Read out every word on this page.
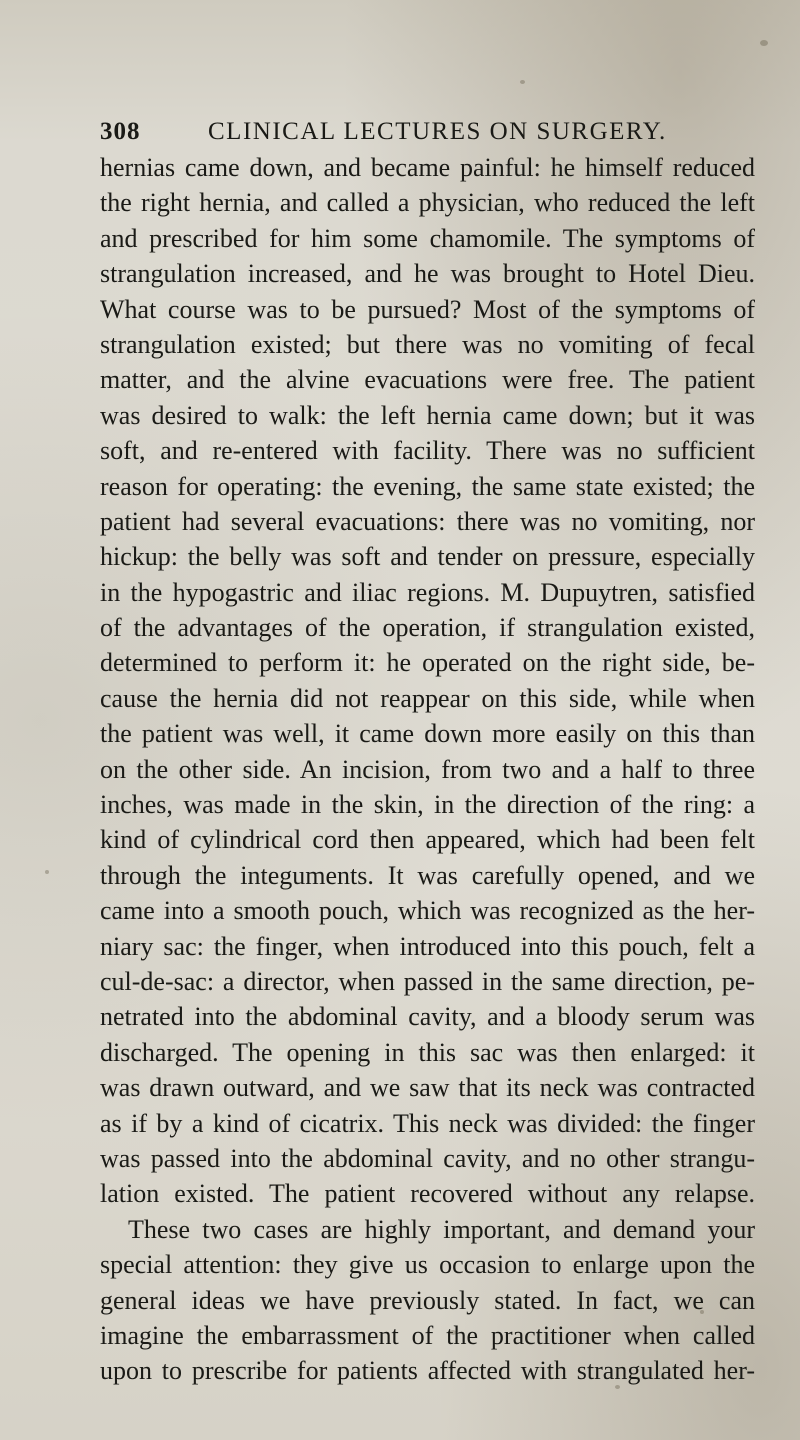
308	CLINICAL LECTURES ON SURGERY.
hernias came down, and became painful: he himself reduced
the right hernia, and called a physician, who reduced the left
and prescribed for him some chamomile. The symptoms of
strangulation increased, and he was brought to Hotel Dieu.
What course was to be pursued? Most of the symptoms of
strangulation existed; but there was no vomiting of fecal
matter, and the alvine evacuations were free. The patient
was desired to walk: the left hernia came down; but it was
soft, and re-entered with facility. There was no sufficient
reason for operating: the evening, the same state existed; the
patient had several evacuations: there was no vomiting, nor
hickup: the belly was soft and tender on pressure, especially
in the hypogastric and iliac regions. M. Dupuytren, satisfied
of the advantages of the operation, if strangulation existed,
determined to perform it: he operated on the right side, be-
cause the hernia did not reappear on this side, while when
the patient was well, it came down more easily on this than
on the other side. An incision, from two and a half to three
inches, was made in the skin, in the direction of the ring: a
kind of cylindrical cord then appeared, which had been felt
through the integuments. It was carefully opened, and we
came into a smooth pouch, which was recognized as the her-
niary sac: the finger, when introduced into this pouch, felt a
cul-de-sac: a director, when passed in the same direction, pe-
netrated into the abdominal cavity, and a bloody serum was
discharged. The opening in this sac was then enlarged: it
was drawn outward, and we saw that its neck was contracted
as if by a kind of cicatrix. This neck was divided: the finger
was passed into the abdominal cavity, and no other strangu-
lation existed. The patient recovered without any relapse.
These two cases are highly important, and demand your
special attention: they give us occasion to enlarge upon the
general ideas we have previously stated. In fact, we can
imagine the embarrassment of the practitioner when called
upon to prescribe for patients affected with strangulated her-
